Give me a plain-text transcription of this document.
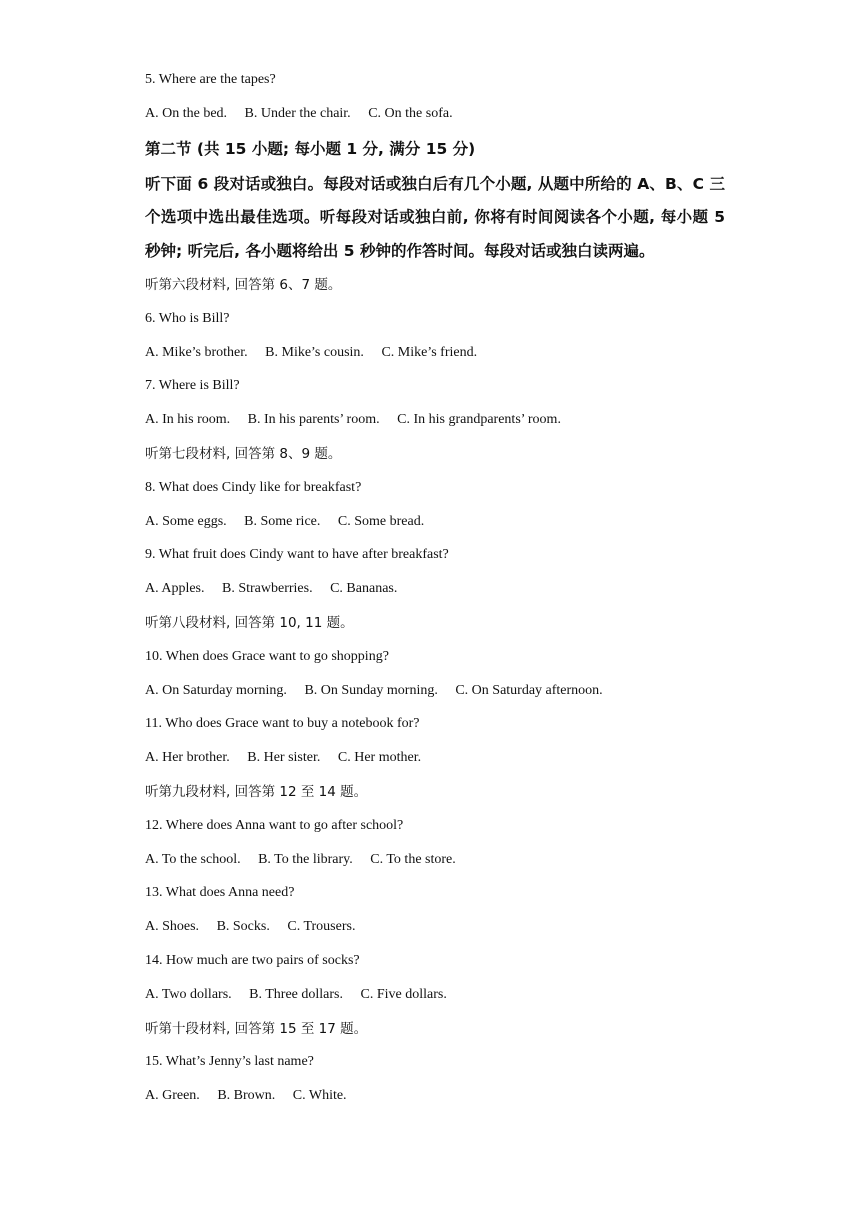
5. Where are the tapes?
A. On the bed. B. Under the chair. C. On the sofa.
第二节 (共 15 小题; 每小题 1 分, 满分 15 分)
听下面 6 段对话或独白。每段对话或独白后有几个小题, 从题中所给的 A、B、C 三个选项中选出最佳选项。听每段对话或独白前, 你将有时间阅读各个小题, 每小题 5 秒钟; 听完后, 各小题将给出 5 秒钟的作答时间。每段对话或独白读两遍。
听第六段材料, 回答第 6、7 题。
6. Who is Bill?
A. Mike’s brother. B. Mike’s cousin. C. Mike’s friend.
7. Where is Bill?
A. In his room. B. In his parents’ room. C. In his grandparents’ room.
听第七段材料, 回答第 8、9 题。
8. What does Cindy like for breakfast?
A. Some eggs. B. Some rice. C. Some bread.
9. What fruit does Cindy want to have after breakfast?
A. Apples. B. Strawberries. C. Bananas.
听第八段材料, 回答第 10, 11 题。
10. When does Grace want to go shopping?
A. On Saturday morning. B. On Sunday morning. C. On Saturday afternoon.
11. Who does Grace want to buy a notebook for?
A. Her brother. B. Her sister. C. Her mother.
听第九段材料, 回答第 12 至 14 题。
12. Where does Anna want to go after school?
A. To the school. B. To the library. C. To the store.
13. What does Anna need?
A. Shoes. B. Socks. C. Trousers.
14. How much are two pairs of socks?
A. Two dollars. B. Three dollars. C. Five dollars.
听第十段材料, 回答第 15 至 17 题。
15. What’s Jenny’s last name?
A. Green. B. Brown. C. White.
